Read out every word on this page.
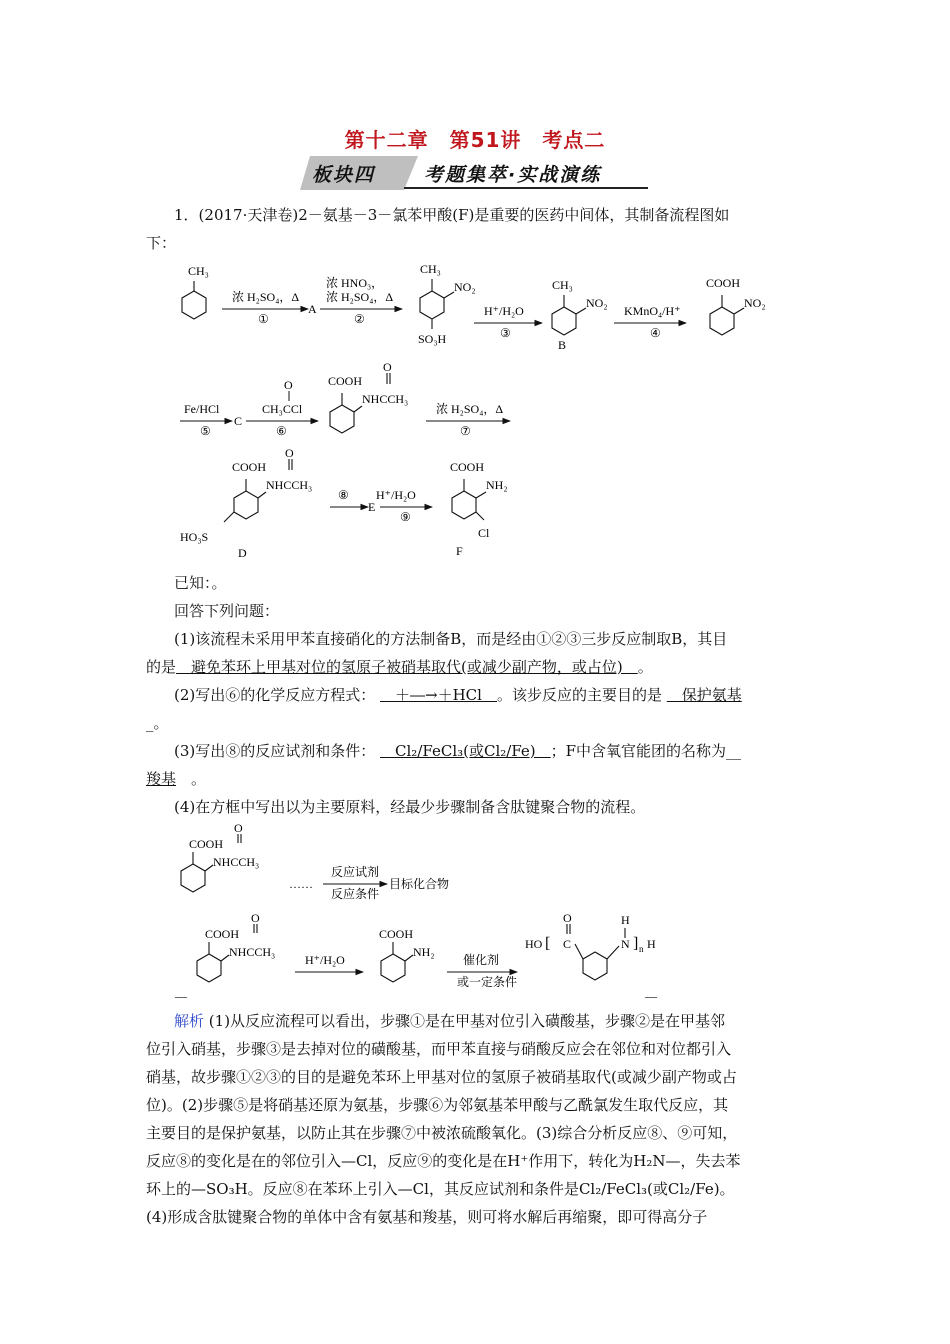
第十二章　第51讲　考点二
板块四	考题集萃·实战演练
1．(2017·天津卷)2－氨基－3－氯苯甲酸(F)是重要的医药中间体，其制备流程图如
下：
CH₃
浓 H₂SO₄，Δ
①
A
浓 HNO₃，
浓 H₂SO₄，Δ
②
CH₃
NO₂
SO₃H
H⁺/H₂O
③
CH₃
NO₂
B
KMnO₄/H⁺
④
COOH
NO₂
Fe/HCl
⑤
C
O
CH₃CCl
⑥
COOH
O
NHCCH₃
浓 H₂SO₄，Δ
⑦
COOH
O
NHCCH₃
HO₃S
D
⑧
E
H⁺/H₂O
⑨
COOH
NH₂
Cl
F
已知：。
回答下列问题：
(1)该流程未采用甲苯直接硝化的方法制备B，而是经由①②③三步反应制取B，其目
的是　避免苯环上甲基对位的氢原子被硝基取代(或减少副产物，或占位)　。
(2)写出⑥的化学反应方程式： 　＋―→＋HCl　。该步反应的主要目的是 　保护氨基
_。
(3)写出⑧的反应试剂和条件： 　Cl₂/FeCl₃(或Cl₂/Fe)　；F中含氧官能团的名称为__
羧基　。
(4)在方框中写出以为主要原料，经最少步骤制备含肽键聚合物的流程。
COOH
O
NHCCH₃
……
反应试剂
反应条件
目标化合物
COOH
O
NHCCH₃
H⁺/H₂O
COOH
NH₂
催化剂
或一定条件
HO [
O
C
H
N ] n H
__	__
解析 (1)从反应流程可以看出，步骤①是在甲基对位引入磺酸基，步骤②是在甲基邻
位引入硝基，步骤③是去掉对位的磺酸基，而甲苯直接与硝酸反应会在邻位和对位都引入
硝基，故步骤①②③的目的是避免苯环上甲基对位的氢原子被硝基取代(或减少副产物或占
位)。(2)步骤⑤是将硝基还原为氨基，步骤⑥为邻氨基苯甲酸与乙酰氯发生取代反应，其
主要目的是保护氨基，以防止其在步骤⑦中被浓硫酸氧化。(3)综合分析反应⑧、⑨可知，
反应⑧的变化是在的邻位引入—Cl，反应⑨的变化是在H⁺作用下，转化为H₂N—，失去苯
环上的—SO₃H。反应⑧在苯环上引入—Cl，其反应试剂和条件是Cl₂/FeCl₃(或Cl₂/Fe)。
(4)形成含肽键聚合物的单体中含有氨基和羧基，则可将水解后再缩聚，即可得高分子
